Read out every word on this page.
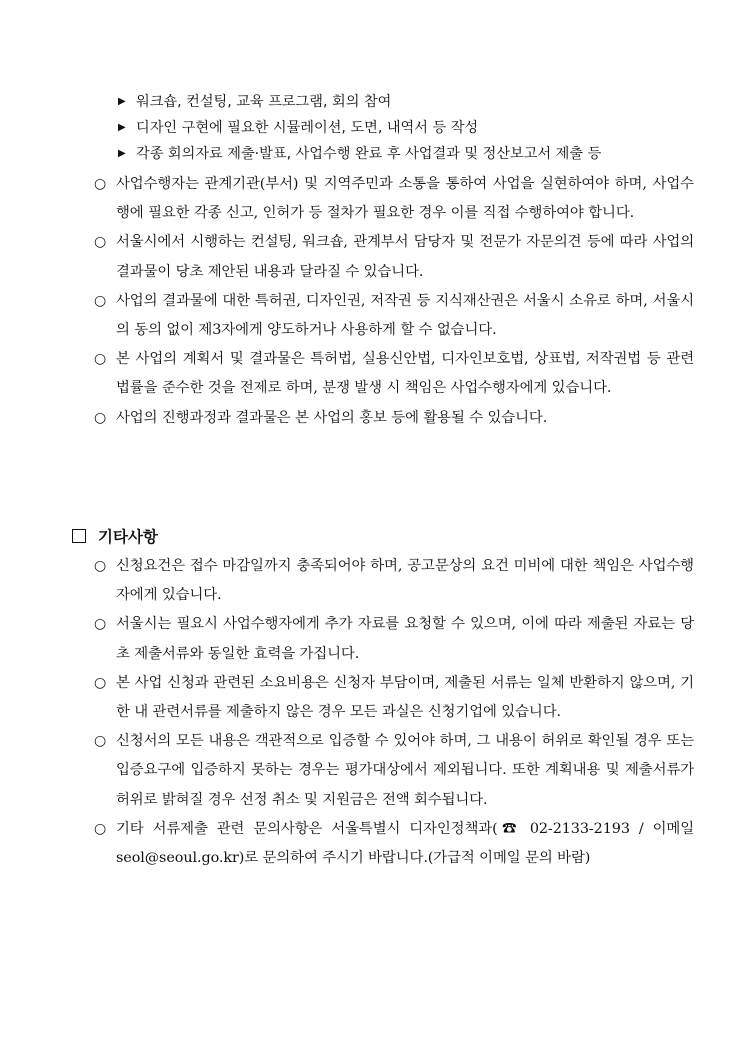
▶ 워크숍, 컨설팅, 교육 프로그램, 회의 참여
▶ 디자인 구현에 필요한 시뮬레이션, 도면, 내역서 등 작성
▶ 각종 회의자료 제출·발표, 사업수행 완료 후 사업결과 및 정산보고서 제출 등
○ 사업수행자는 관계기관(부서) 및 지역주민과 소통을 통하여 사업을 실현하여야 하며, 사업수행에 필요한 각종 신고, 인허가 등 절차가 필요한 경우 이를 직접 수행하여야 합니다.
○ 서울시에서 시행하는 컨설팅, 워크숍, 관계부서 담당자 및 전문가 자문의견 등에 따라 사업의 결과물이 당초 제안된 내용과 달라질 수 있습니다.
○ 사업의 결과물에 대한 특허권, 디자인권, 저작권 등 지식재산권은 서울시 소유로 하며, 서울시의 동의 없이 제3자에게 양도하거나 사용하게 할 수 없습니다.
○ 본 사업의 계획서 및 결과물은 특허법, 실용신안법, 디자인보호법, 상표법, 저작권법 등 관련 법률을 준수한 것을 전제로 하며, 분쟁 발생 시 책임은 사업수행자에게 있습니다.
○ 사업의 진행과정과 결과물은 본 사업의 홍보 등에 활용될 수 있습니다.
기타사항
○ 신청요건은 접수 마감일까지 충족되어야 하며, 공고문상의 요건 미비에 대한 책임은 사업수행자에게 있습니다.
○ 서울시는 필요시 사업수행자에게 추가 자료를 요청할 수 있으며, 이에 따라 제출된 자료는 당초 제출서류와 동일한 효력을 가집니다.
○ 본 사업 신청과 관련된 소요비용은 신청자 부담이며, 제출된 서류는 일체 반환하지 않으며, 기한 내 관련서류를 제출하지 않은 경우 모든 과실은 신청기업에 있습니다.
○ 신청서의 모든 내용은 객관적으로 입증할 수 있어야 하며, 그 내용이 허위로 확인될 경우 또는 입증요구에 입증하지 못하는 경우는 평가대상에서 제외됩니다. 또한 계획내용 및 제출서류가 허위로 밝혀질 경우 선정 취소 및 지원금은 전액 회수됩니다.
○ 기타 서류제출 관련 문의사항은 서울특별시 디자인정책과(☎ 02-2133-2193 / 이메일 seol@seoul.go.kr)로 문의하여 주시기 바랍니다.(가급적 이메일 문의 바람)
